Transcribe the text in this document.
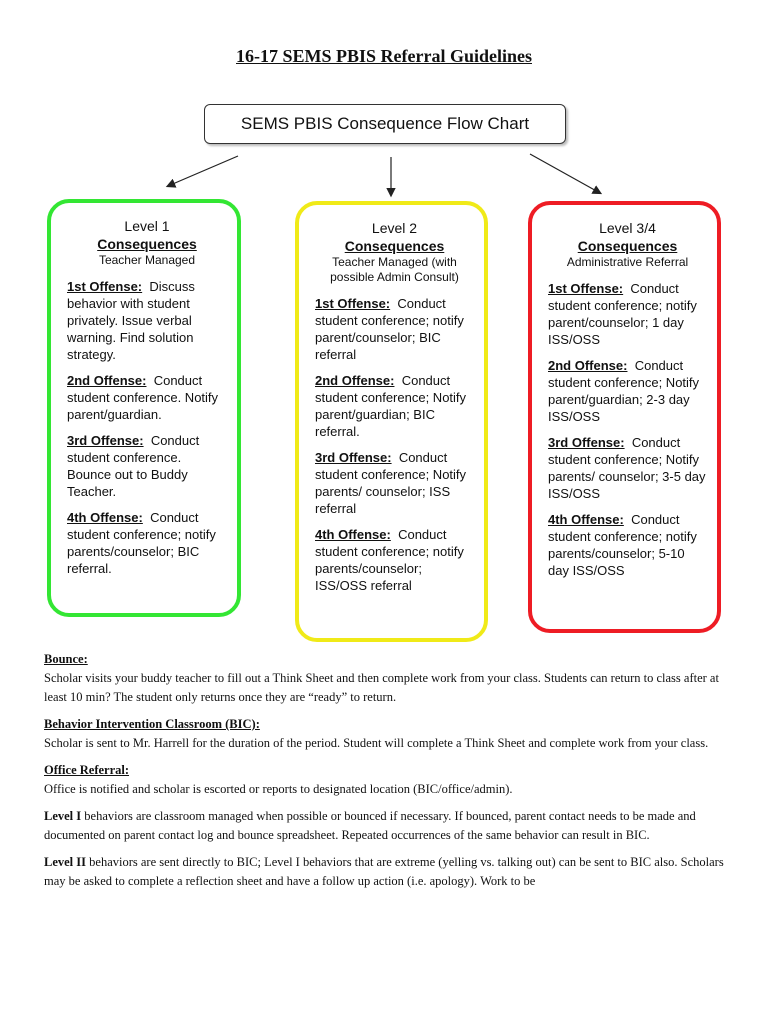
16-17 SEMS PBIS Referral Guidelines
SEMS PBIS Consequence Flow Chart
Level 1
Consequences
Teacher Managed
1st Offense: Discuss behavior with student privately. Issue verbal warning. Find solution strategy.
2nd Offense: Conduct student conference. Notify parent/guardian.
3rd Offense: Conduct student conference. Bounce out to Buddy Teacher.
4th Offense: Conduct student conference; notify parents/counselor; BIC referral.
Level 2
Consequences
Teacher Managed (with possible Admin Consult)
1st Offense: Conduct student conference; notify parent/counselor; BIC referral
2nd Offense: Conduct student conference; Notify parent/guardian; BIC referral.
3rd Offense: Conduct student conference; Notify parents/ counselor; ISS referral
4th Offense: Conduct student conference; notify parents/counselor; ISS/OSS referral
Level 3/4
Consequences
Administrative Referral
1st Offense: Conduct student conference; notify parent/counselor; 1 day ISS/OSS
2nd Offense: Conduct student conference; Notify parent/guardian; 2-3 day ISS/OSS
3rd Offense: Conduct student conference; Notify parents/ counselor; 3-5 day ISS/OSS
4th Offense: Conduct student conference; notify parents/counselor; 5-10 day ISS/OSS

Bounce:

Scholar visits your buddy teacher to fill out a Think Sheet and then complete work from your class. Students can return to class after at least 10 min? The student only returns once they are “ready” to return.

Behavior Intervention Classroom (BIC):

Scholar is sent to Mr. Harrell for the duration of the period. Student will complete a Think Sheet and complete work from your class.

Office Referral:

Office is notified and scholar is escorted or reports to designated location (BIC/office/admin).

Level I behaviors are classroom managed when possible or bounced if necessary. If bounced, parent contact needs to be made and documented on parent contact log and bounce spreadsheet. Repeated occurrences of the same behavior can result in BIC.

Level II behaviors are sent directly to BIC; Level I behaviors that are extreme (yelling vs. talking out) can be sent to BIC also. Scholars may be asked to complete a reflection sheet and have a follow up action (i.e. apology). Work to be
